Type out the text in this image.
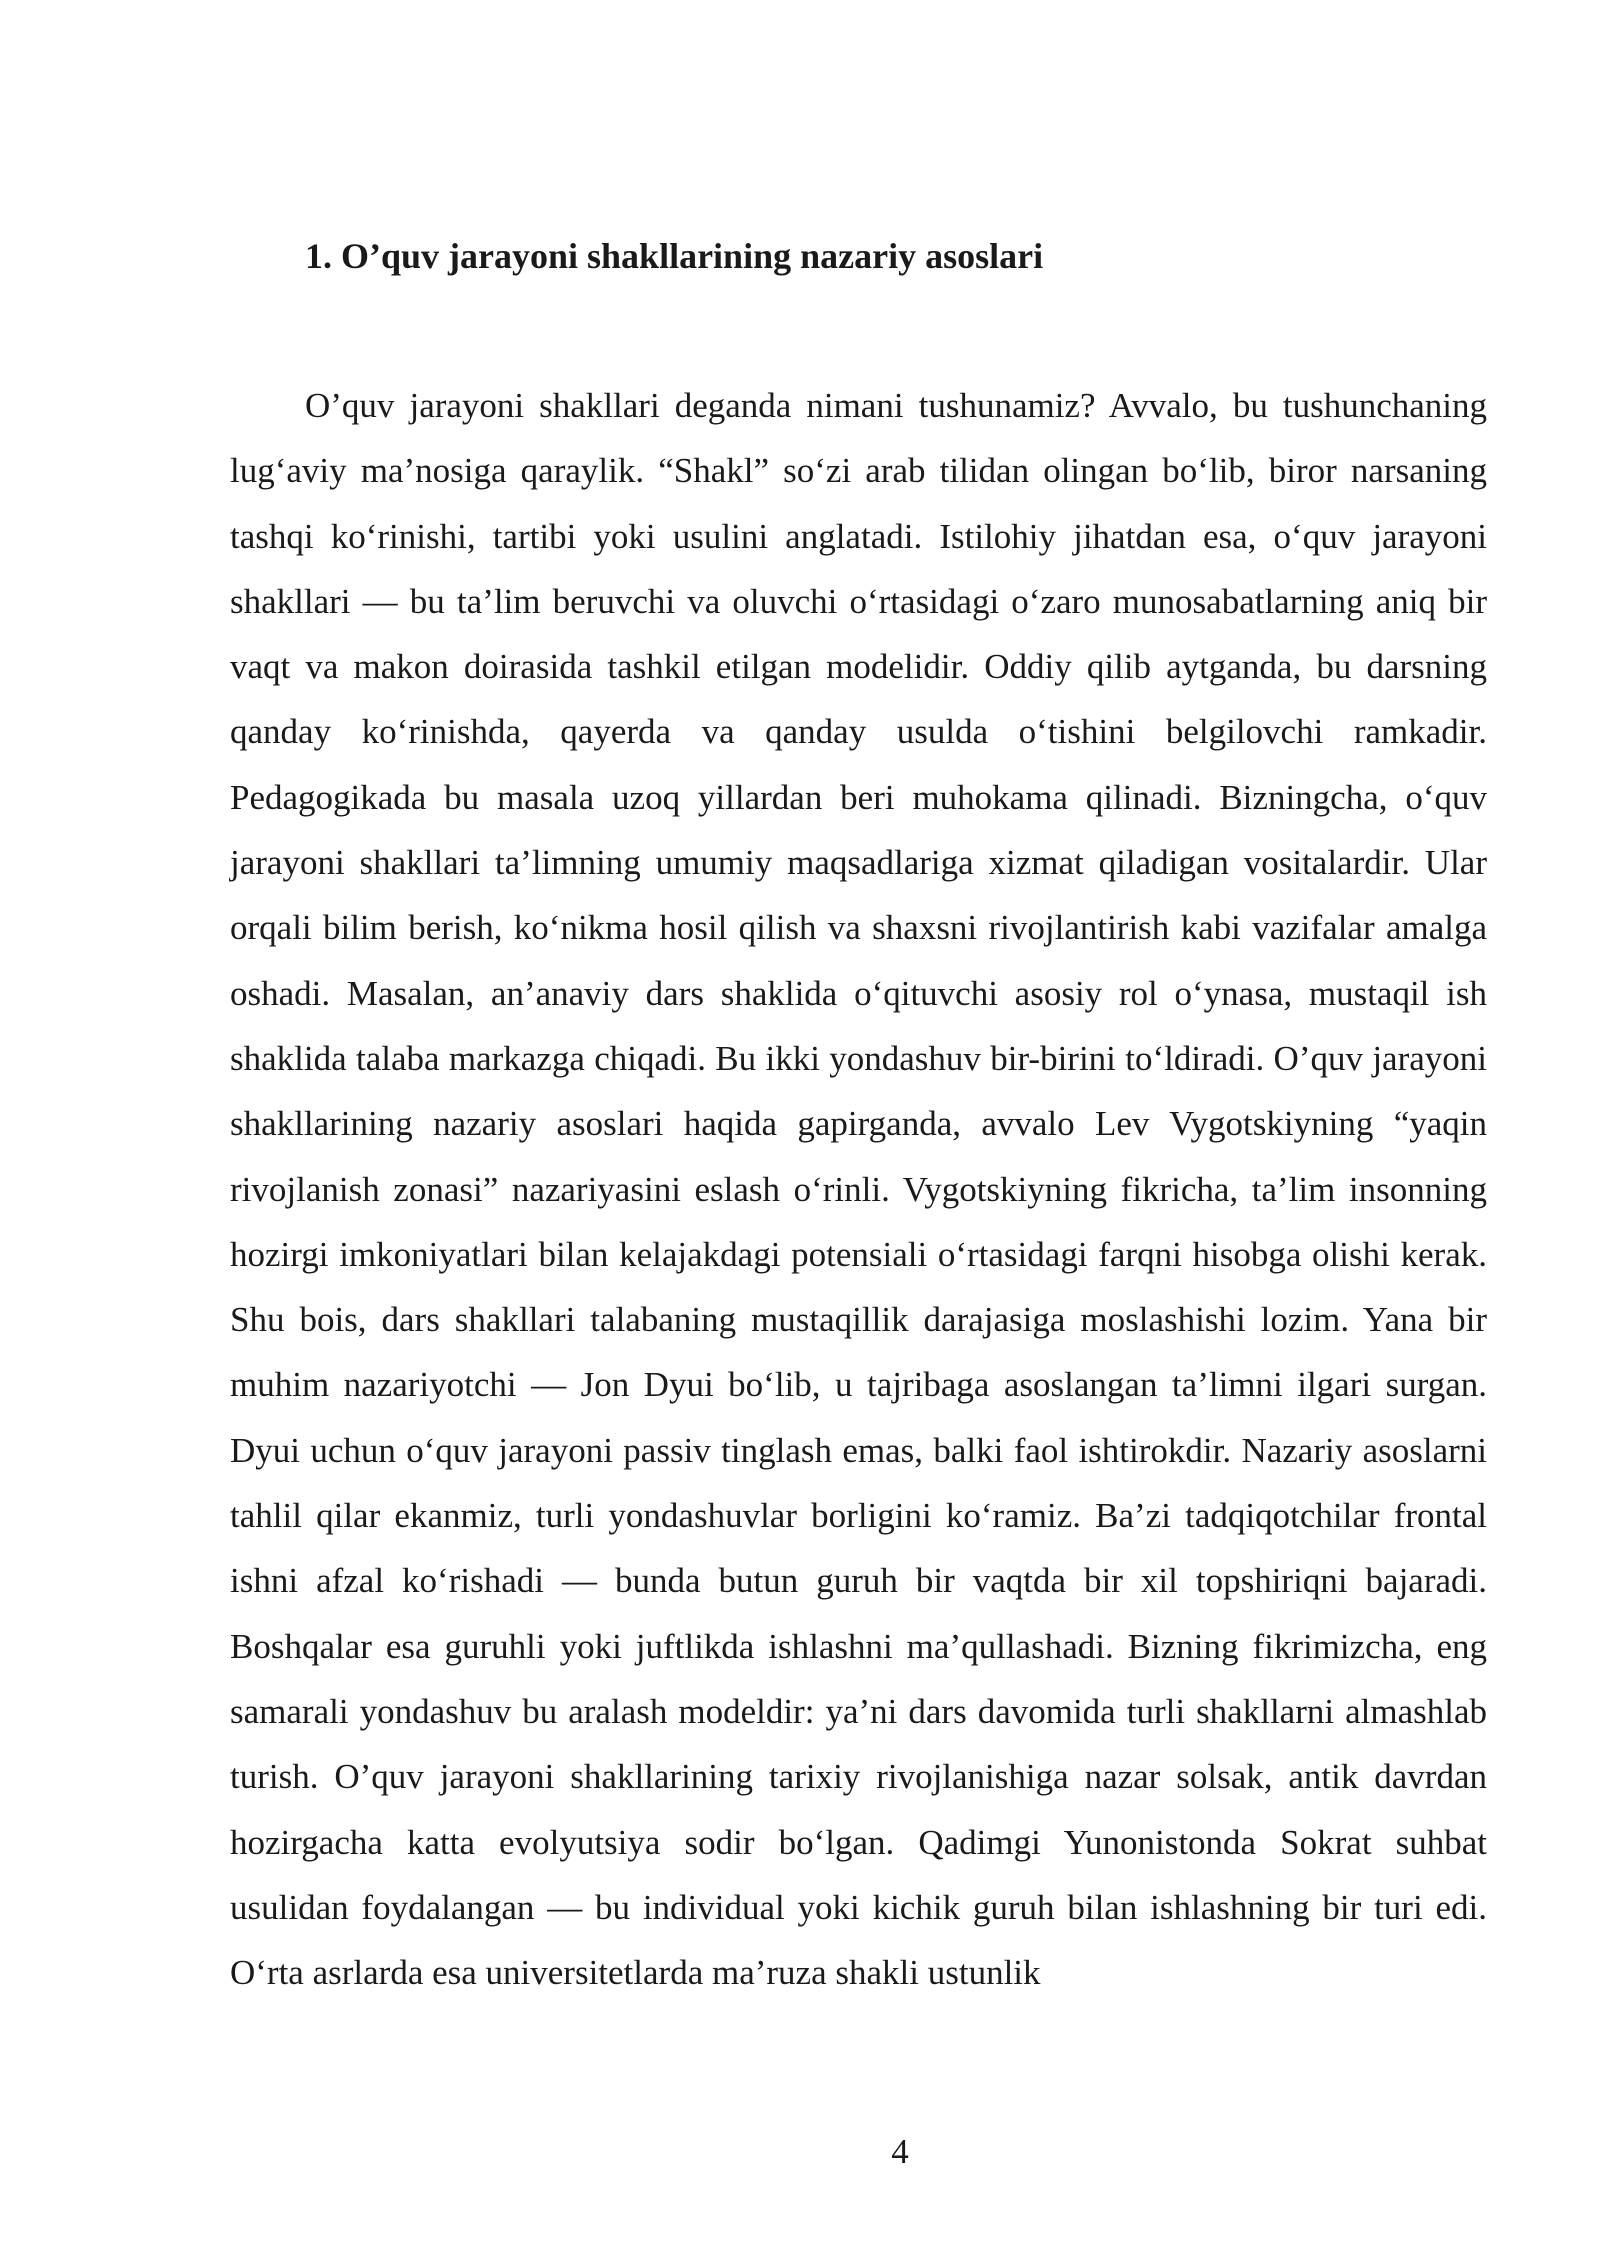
1. O’quv jarayoni shakllarining nazariy asoslari

O’quv jarayoni shakllari deganda nimani tushunamiz? Avvalo, bu tushunchaning lug‘aviy ma’nosiga qaraylik. “Shakl” so‘zi arab tilidan olingan bo‘lib, biror narsaning tashqi ko‘rinishi, tartibi yoki usulini anglatadi. Istilohiy jihatdan esa, o‘quv jarayoni shakllari — bu ta’lim beruvchi va oluvchi o‘rtasidagi o‘zaro munosabatlarning aniq bir vaqt va makon doirasida tashkil etilgan modelidir. Oddiy qilib aytganda, bu darsning qanday ko‘rinishda, qayerda va qanday usulda o‘tishini belgilovchi ramkadir. Pedagogikada bu masala uzoq yillardan beri muhokama qilinadi. Bizningcha, o‘quv jarayoni shakllari ta’limning umumiy maqsadlariga xizmat qiladigan vositalardir. Ular orqali bilim berish, ko‘nikma hosil qilish va shaxsni rivojlantirish kabi vazifalar amalga oshadi. Masalan, an’anaviy dars shaklida o‘qituvchi asosiy rol o‘ynasa, mustaqil ish shaklida talaba markazga chiqadi. Bu ikki yondashuv bir-birini to‘ldiradi. O’quv jarayoni shakllarining nazariy asoslari haqida gapirganda, avvalo Lev Vygotskiyning “yaqin rivojlanish zonasi” nazariyasini eslash o‘rinli. Vygotskiyning fikricha, ta’lim insonning hozirgi imkoniyatlari bilan kelajakdagi potensiali o‘rtasidagi farqni hisobga olishi kerak. Shu bois, dars shakllari talabaning mustaqillik darajasiga moslashishi lozim. Yana bir muhim nazariyotchi — Jon Dyui bo‘lib, u tajribaga asoslangan ta’limni ilgari surgan. Dyui uchun o‘quv jarayoni passiv tinglash emas, balki faol ishtirokdir. Nazariy asoslarni tahlil qilar ekanmiz, turli yondashuvlar borligini ko‘ramiz. Ba’zi tadqiqotchilar frontal ishni afzal ko‘rishadi — bunda butun guruh bir vaqtda bir xil topshiriqni bajaradi. Boshqalar esa guruhli yoki juftlikda ishlashni ma’qullashadi. Bizning fikrimizcha, eng samarali yondashuv bu aralash modeldir: ya’ni dars davomida turli shakllarni almashlab turish. O’quv jarayoni shakllarining tarixiy rivojlanishiga nazar solsak, antik davrdan hozirgacha katta evolyutsiya sodir bo‘lgan. Qadimgi Yunonistonda Sokrat suhbat usulidan foydalangan — bu individual yoki kichik guruh bilan ishlashning bir turi edi. O‘rta asrlarda esa universitetlarda ma’ruza shakli ustunlik

4
